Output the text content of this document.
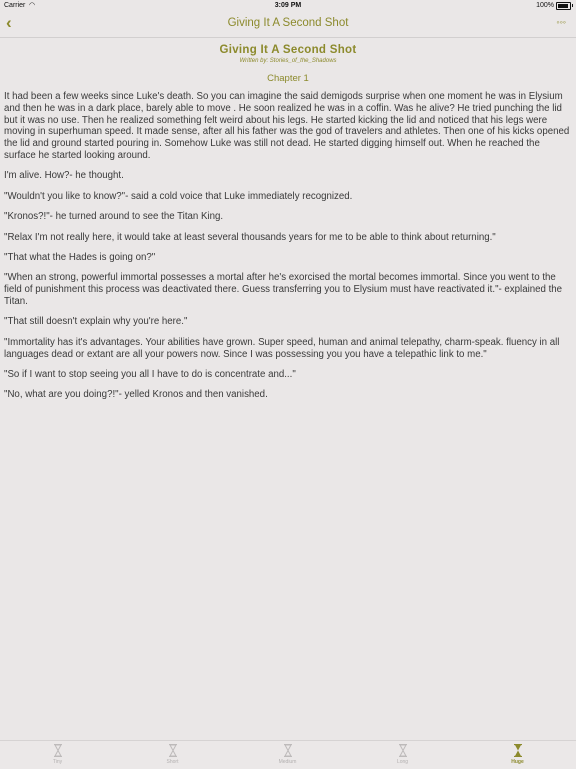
Carrier ◠	3:09 PM	100%
‹	Giving It A Second Shot	◦◦◦
Giving It A Second Shot
Written by: Stories_of_the_Shadows
Chapter 1

It had been a few weeks since Luke's death. So you can imagine the said demigods surprise when one moment he was in Elysium and then he was in a dark place, barely able to move . He soon realized he was in a coffin. Was he alive? He tried punching the lid but it was no use. Then he realized something felt weird about his legs. He started kicking the lid and noticed that his legs were moving in superhuman speed. It made sense, after all his father was the god of travelers and athletes. Then one of his kicks opened the lid and ground started pouring in. Somehow Luke was still not dead. He started digging himself out. When he reached the surface he started looking around.

I'm alive. How?- he thought.

"Wouldn't you like to know?"- said a cold voice that Luke immediately recognized.

"Kronos?!"- he turned around to see the Titan King.

"Relax I'm not really here, it would take at least several thousands years for me to be able to think about returning."

"That what the Hades is going on?"

"When an strong, powerful immortal possesses a mortal after he's exorcised the mortal becomes immortal. Since you went to the field of punishment this process was deactivated there. Guess transferring you to Elysium must have reactivated it."- explained the Titan.

"That still doesn't explain why you're here."

"Immortality has it's advantages. Your abilities have grown. Super speed, human and animal telepathy, charm-speak. fluency in all languages dead or extant are all your powers now. Since I was possessing you you have a telepathic link to me."

"So if I want to stop seeing you all I have to do is concentrate and..."

"No, what are you doing?!"- yelled Kronos and then vanished.

Tiny	Short	Medium	Long	Huge
